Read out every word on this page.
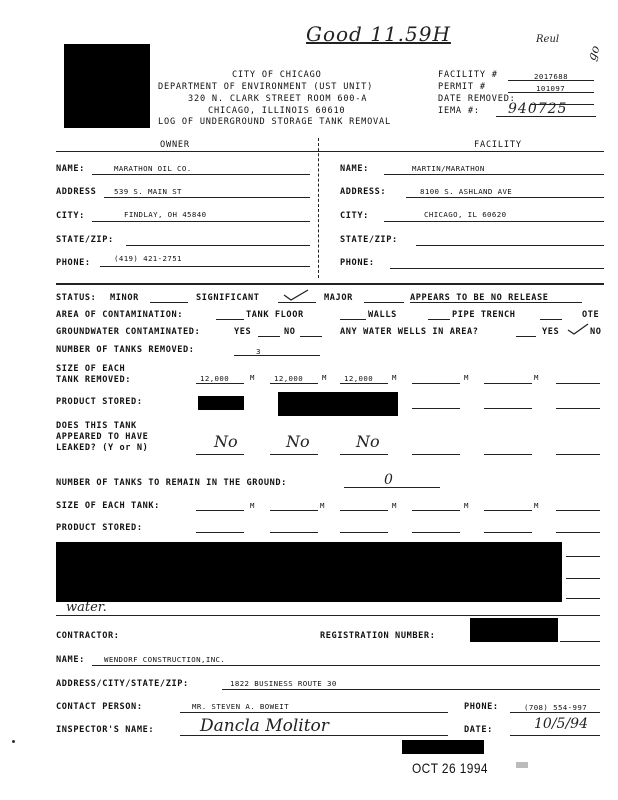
Good 11.59H	Reul
go
CITY OF CHICAGO
DEPARTMENT OF ENVIRONMENT (UST UNIT)
320 N. CLARK STREET ROOM 600-A
CHICAGO, ILLINOIS 60610
LOG OF UNDERGROUND STORAGE TANK REMOVAL
FACILITY #	2017688
PERMIT #	101097
DATE REMOVED:
IEMA #: 940725
OWNER	FACILITY
NAME:	MARATHON OIL CO.
ADDRESS 539 S. MAIN ST
CITY:	FINDLAY, OH 45840
STATE/ZIP:
PHONE:	(419) 421-2751
NAME:	MARTIN/MARATHON
ADDRESS:	8100 S. ASHLAND AVE
CITY:	CHICAGO, IL 60620
STATE/ZIP:
PHONE:
STATUS: MINOR	SIGNIFICANT	MAJOR	APPEARS TO BE NO RELEASE
AREA OF CONTAMINATION:	TANK FLOOR	WALLS	PIPE TRENCH	OTE
GROUNDWATER CONTAMINATED:	YES	NO	ANY WATER WELLS IN AREA?	YES	NO
NUMBER OF TANKS REMOVED:	3
SIZE OF EACH
TANK REMOVED:	12,000	M	12,000	M 12,000	M	M	M
PRODUCT STORED:
DOES THIS TANK
APPEARED TO HAVE
LEAKED? (Y or N)	No	No	No
NUMBER OF TANKS TO REMAIN IN THE GROUND:	0
SIZE OF EACH TANK:	M	M	M	M	M
PRODUCT STORED:
water.
CONTRACTOR:	REGISTRATION NUMBER:
NAME:	WENDORF CONSTRUCTION,INC.
ADDRESS/CITY/STATE/ZIP:	1822 BUSINESS ROUTE 30
CONTACT PERSON:	MR. STEVEN A. BOWEIT	PHONE:	(708) 554-997
INSPECTOR'S NAME:	Dancla Molitor	DATE:	10/5/94
OCT 26 1994
